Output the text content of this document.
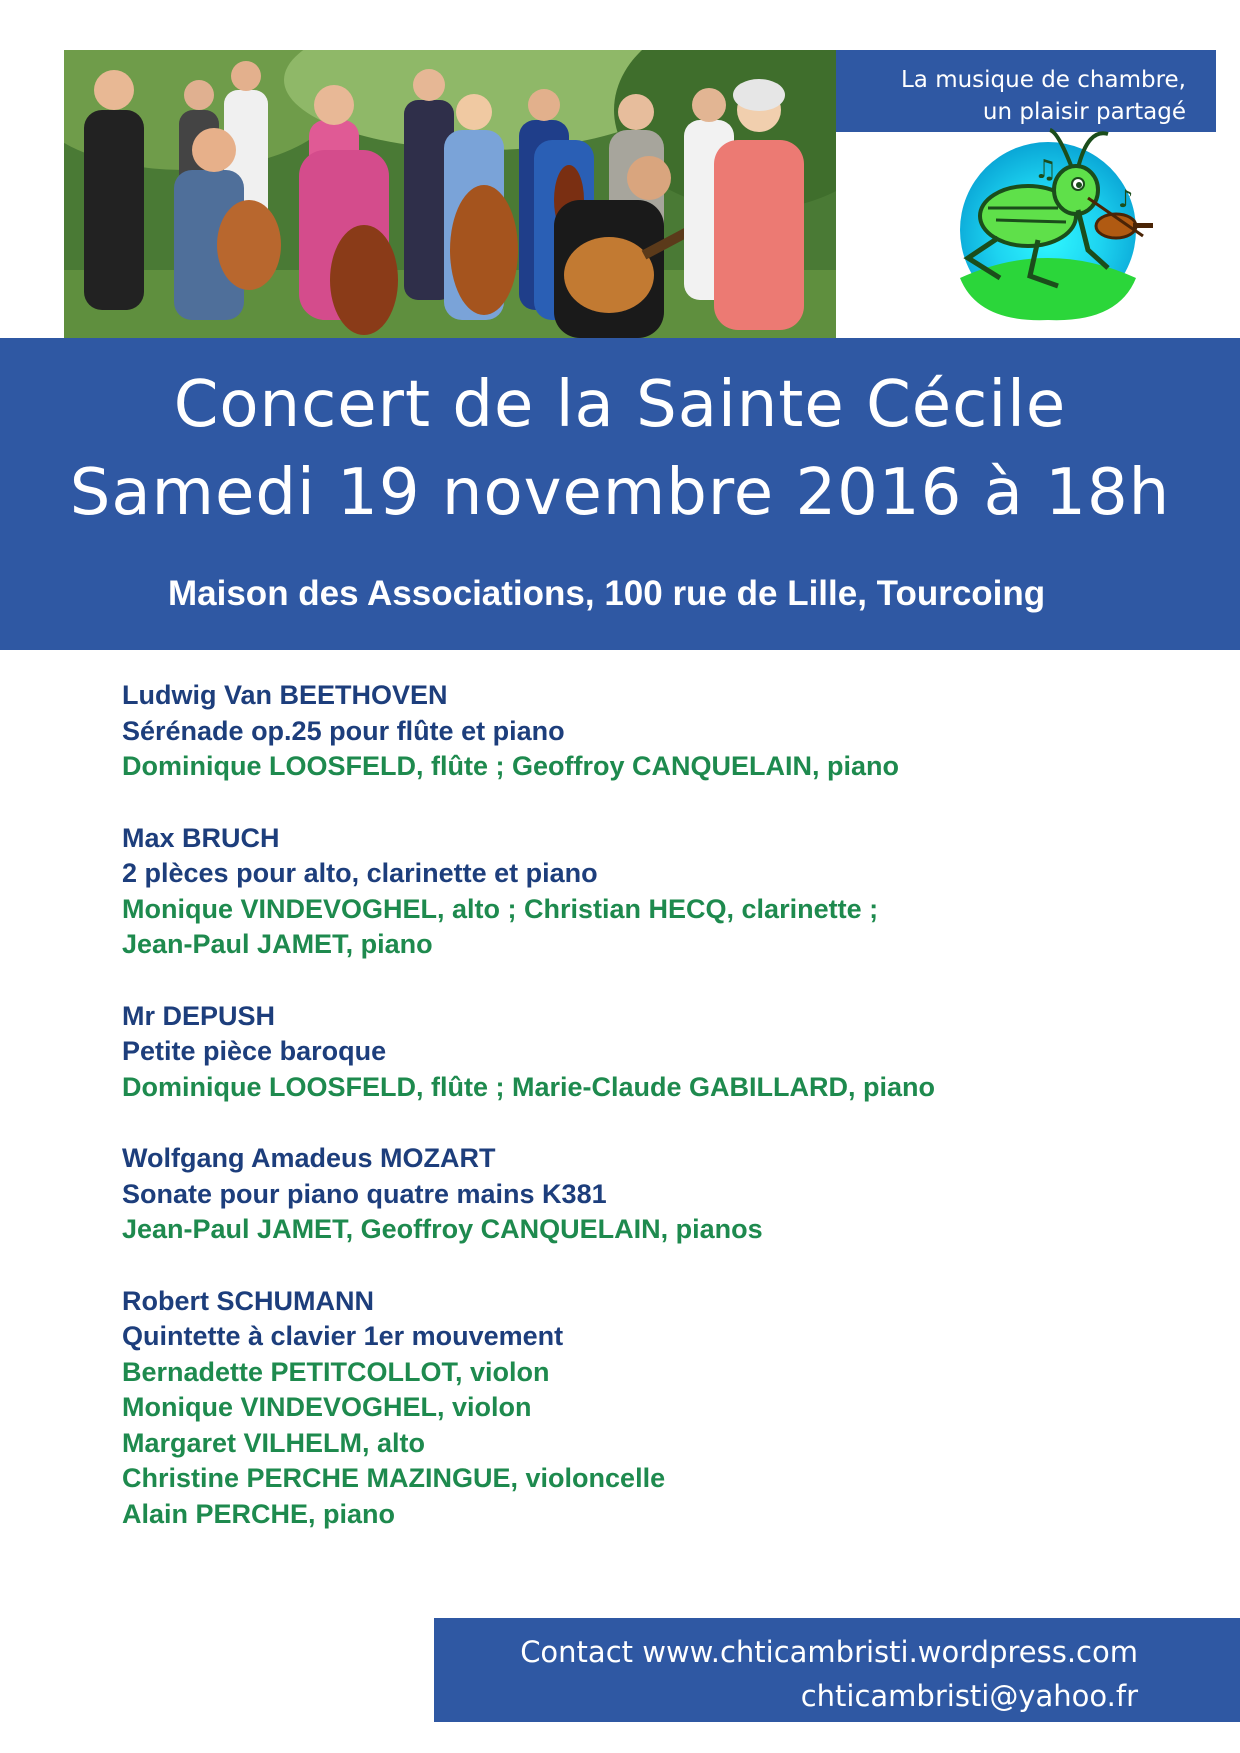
La musique de chambre,
un plaisir partagé
♫
♪
Concert de la Sainte Cécile
Samedi 19 novembre 2016 à 18h
Maison des Associations, 100 rue de Lille, Tourcoing
Ludwig Van BEETHOVEN
Sérénade op.25 pour flûte et piano
Dominique LOOSFELD, flûte ; Geoffroy CANQUELAIN, piano
Max BRUCH
2 plèces pour alto, clarinette et piano
Monique VINDEVOGHEL, alto ; Christian HECQ, clarinette ;
Jean-Paul JAMET, piano
Mr DEPUSH
Petite pièce baroque
Dominique LOOSFELD, flûte ; Marie-Claude GABILLARD, piano
Wolfgang Amadeus MOZART
Sonate pour piano quatre mains K381
Jean-Paul JAMET, Geoffroy CANQUELAIN, pianos
Robert SCHUMANN
Quintette à clavier 1er mouvement
Bernadette PETITCOLLOT, violon
Monique VINDEVOGHEL, violon
Margaret VILHELM, alto
Christine PERCHE MAZINGUE, violoncelle
Alain PERCHE, piano
Contact www.chticambristi.wordpress.com
chticambristi@yahoo.fr
